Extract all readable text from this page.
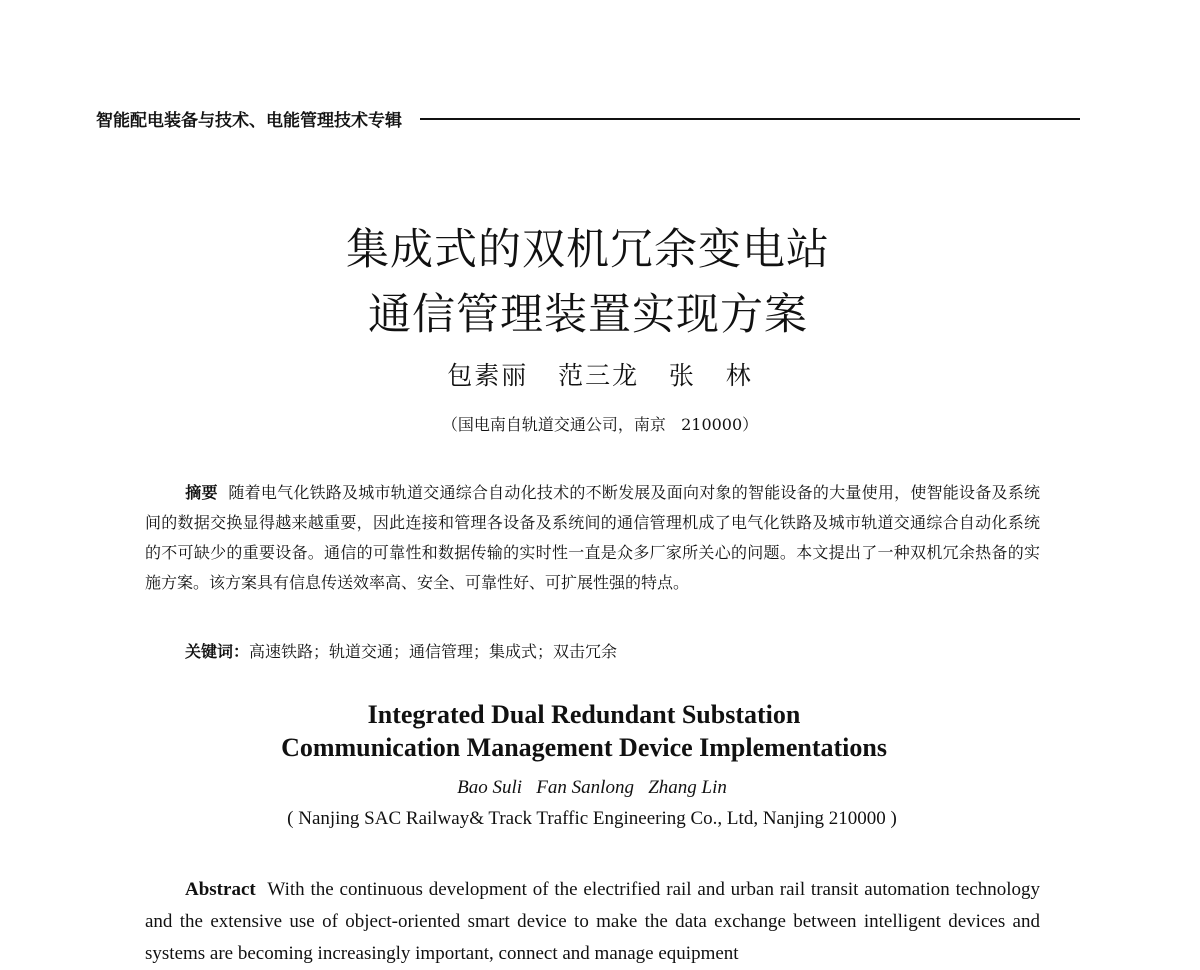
智能配电装备与技术、电能管理技术专辑
集成式的双机冗余变电站
通信管理装置实现方案
包素丽   范三龙   张   林
（国电南自轨道交通公司，南京   210000）
摘要 随着电气化铁路及城市轨道交通综合自动化技术的不断发展及面向对象的智能设备的大量使用，使智能设备及系统间的数据交换显得越来越重要，因此连接和管理各设备及系统间的通信管理机成了电气化铁路及城市轨道交通综合自动化系统的不可缺少的重要设备。通信的可靠性和数据传输的实时性一直是众多厂家所关心的问题。本文提出了一种双机冗余热备的实施方案。该方案具有信息传送效率高、安全、可靠性好、可扩展性强的特点。
关键词：高速铁路；轨道交通；通信管理；集成式；双击冗余
Integrated Dual Redundant Substation
Communication Management Device Implementations
Bao Suli   Fan Sanlong   Zhang Lin
( Nanjing SAC Railway& Track Traffic Engineering Co., Ltd, Nanjing 210000 )
Abstract With the continuous development of the electrified rail and urban rail transit automation technology and the extensive use of object-oriented smart device to make the data exchange between intelligent devices and systems are becoming increasingly important, connect and manage equipment
